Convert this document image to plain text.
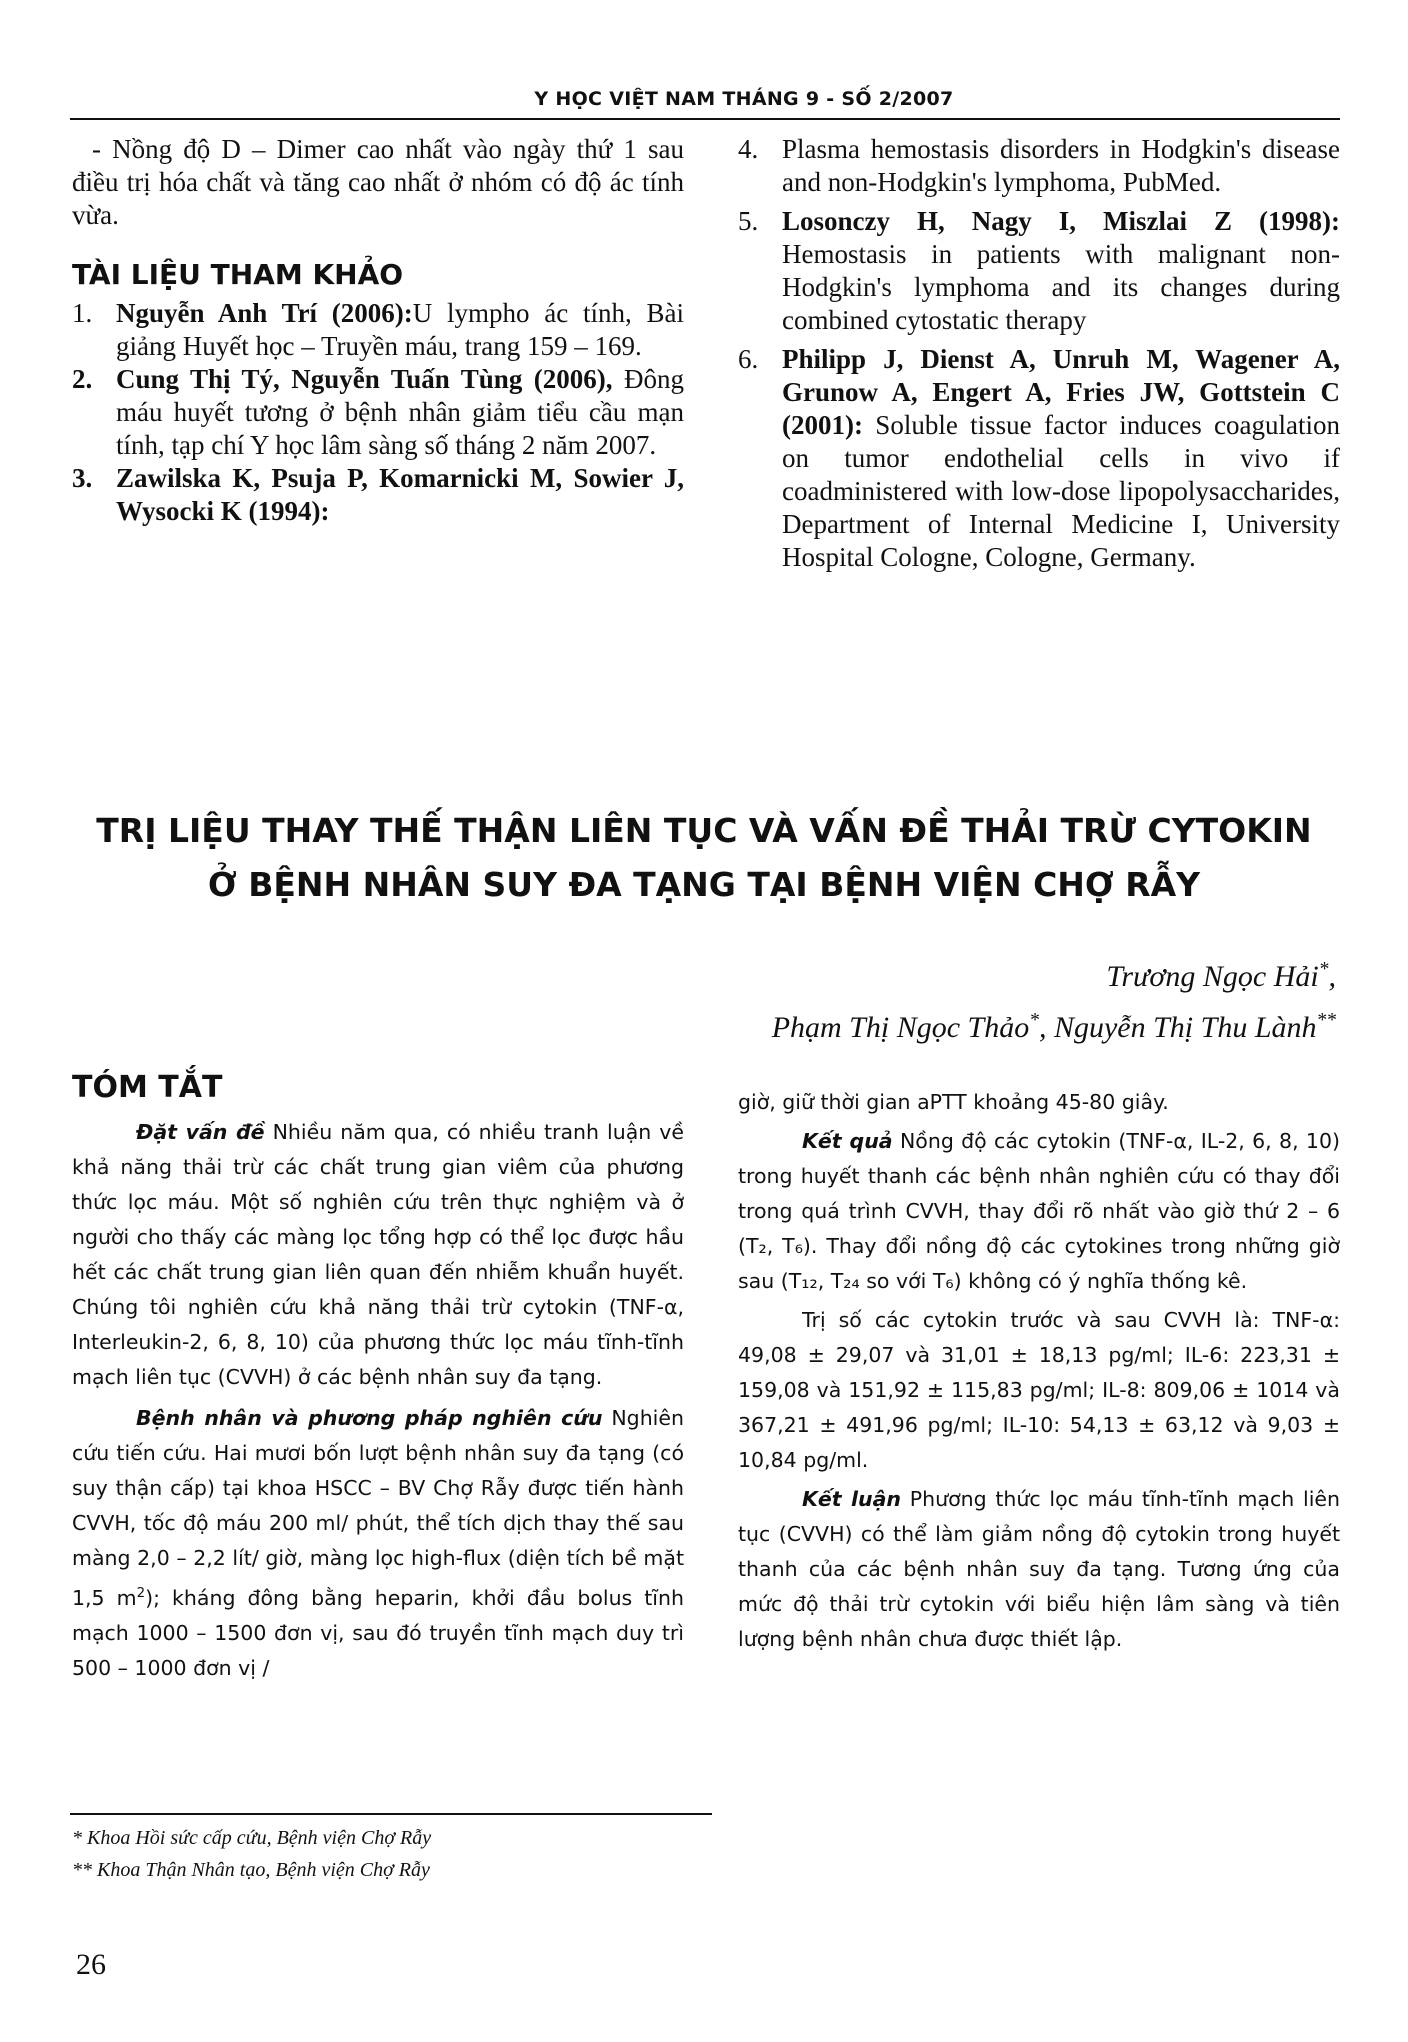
Y HỌC VIỆT NAM THÁNG 9 - SỐ 2/2007
- Nồng độ D – Dimer cao nhất vào ngày thứ 1 sau điều trị hóa chất và tăng cao nhất ở nhóm có độ ác tính vừa.
TÀI LIỆU THAM KHẢO
1. Nguyễn Anh Trí (2006):U lympho ác tính, Bài giảng Huyết học – Truyền máu, trang 159 – 169.
2. Cung Thị Tý, Nguyễn Tuấn Tùng (2006), Đông máu huyết tương ở bệnh nhân giảm tiểu cầu mạn tính, tạp chí Y học lâm sàng số tháng 2 năm 2007.
3. Zawilska K, Psuja P, Komarnicki M, Sowier J, Wysocki K (1994):
4. Plasma hemostasis disorders in Hodgkin's disease and non-Hodgkin's lymphoma, PubMed.
5. Losonczy H, Nagy I, Miszlai Z (1998): Hemostasis in patients with malignant non-Hodgkin's lymphoma and its changes during combined cytostatic therapy
6. Philipp J, Dienst A, Unruh M, Wagener A, Grunow A, Engert A, Fries JW, Gottstein C (2001): Soluble tissue factor induces coagulation on tumor endothelial cells in vivo if coadministered with low-dose lipopolysaccharides, Department of Internal Medicine I, University Hospital Cologne, Cologne, Germany.
TRỊ LIỆU THAY THẾ THẬN LIÊN TỤC VÀ VẤN ĐỀ THẢI TRỪ CYTOKIN
Ở BỆNH NHÂN SUY ĐA TẠNG TẠI BỆNH VIỆN CHỢ RẪY
Trương Ngọc Hải*,
Phạm Thị Ngọc Thảo*, Nguyễn Thị Thu Lành**
TÓM TẮT
Đặt vấn đề Nhiều năm qua, có nhiều tranh luận về khả năng thải trừ các chất trung gian viêm của phương thức lọc máu. Một số nghiên cứu trên thực nghiệm và ở người cho thấy các màng lọc tổng hợp có thể lọc được hầu hết các chất trung gian liên quan đến nhiễm khuẩn huyết. Chúng tôi nghiên cứu khả năng thải trừ cytokin (TNF-α, Interleukin-2, 6, 8, 10) của phương thức lọc máu tĩnh-tĩnh mạch liên tục (CVVH) ở các bệnh nhân suy đa tạng.
Bệnh nhân và phương pháp nghiên cứu Nghiên cứu tiến cứu. Hai mươi bốn lượt bệnh nhân suy đa tạng (có suy thận cấp) tại khoa HSCC – BV Chợ Rẫy được tiến hành CVVH, tốc độ máu 200 ml/ phút, thể tích dịch thay thế sau màng 2,0 – 2,2 lít/ giờ, màng lọc high-flux (diện tích bề mặt 1,5 $m^2$); kháng đông bằng heparin, khởi đầu bolus tĩnh mạch 1000 – 1500 đơn vị, sau đó truyền tĩnh mạch duy trì 500 – 1000 đơn vị /
giờ, giữ thời gian aPTT khoảng 45-80 giây.
Kết quả Nồng độ các cytokin (TNF-α, IL-2, 6, 8, 10) trong huyết thanh các bệnh nhân nghiên cứu có thay đổi trong quá trình CVVH, thay đổi rõ nhất vào giờ thứ 2 – 6 (T₂, T₆). Thay đổi nồng độ các cytokines trong những giờ sau (T₁₂, T₂₄ so với T₆) không có ý nghĩa thống kê.
Trị số các cytokin trước và sau CVVH là: TNF-α: 49,08 ± 29,07 và 31,01 ± 18,13 pg/ml; IL-6: 223,31 ± 159,08 và 151,92 ± 115,83 pg/ml; IL-8: 809,06 ± 1014 và 367,21 ± 491,96 pg/ml; IL-10: 54,13 ± 63,12 và 9,03 ± 10,84 pg/ml.
Kết luận Phương thức lọc máu tĩnh-tĩnh mạch liên tục (CVVH) có thể làm giảm nồng độ cytokin trong huyết thanh của các bệnh nhân suy đa tạng. Tương ứng của mức độ thải trừ cytokin với biểu hiện lâm sàng và tiên lượng bệnh nhân chưa được thiết lập.
* Khoa Hồi sức cấp cứu, Bệnh viện Chợ Rẫy
** Khoa Thận Nhân tạo, Bệnh viện Chợ Rẫy
26
